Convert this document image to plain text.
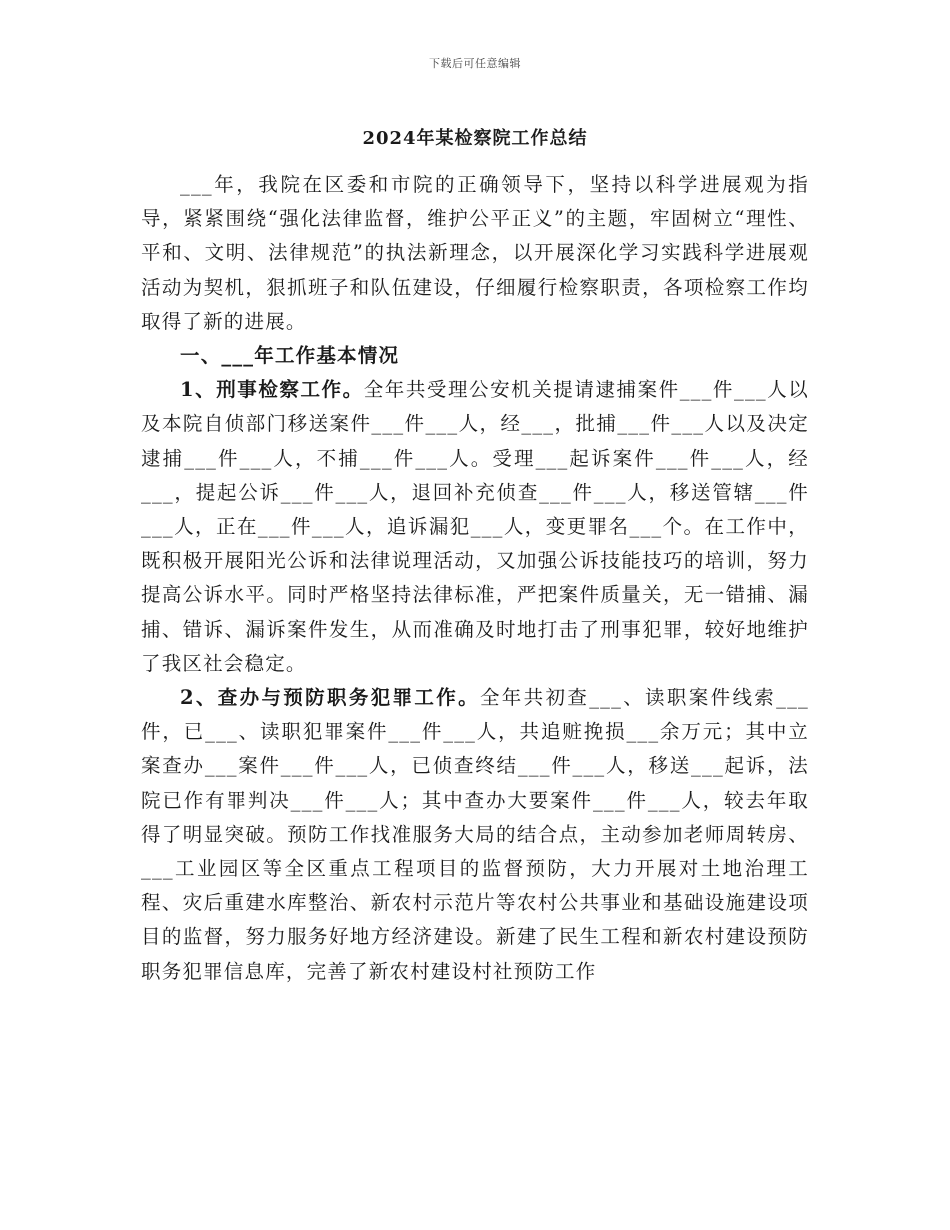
下载后可任意编辑
2024年某检察院工作总结

___年，我院在区委和市院的正确领导下，坚持以科学进展观为指导，紧紧围绕“强化法律监督，维护公平正义”的主题，牢固树立“理性、平和、文明、法律规范”的执法新理念，以开展深化学习实践科学进展观活动为契机，狠抓班子和队伍建设，仔细履行检察职责，各项检察工作均取得了新的进展。

一、___年工作基本情况

1、刑事检察工作。全年共受理公安机关提请逮捕案件___件___人以及本院自侦部门移送案件___件___人，经___，批捕___件___人以及决定逮捕___件___人，不捕___件___人。受理___起诉案件___件___人，经___，提起公诉___件___人，退回补充侦查___件___人，移送管辖___件___人，正在___件___人，追诉漏犯___人，变更罪名___个。在工作中，既积极开展阳光公诉和法律说理活动，又加强公诉技能技巧的培训，努力提高公诉水平。同时严格坚持法律标准，严把案件质量关，无一错捕、漏捕、错诉、漏诉案件发生，从而准确及时地打击了刑事犯罪，较好地维护了我区社会稳定。

2、查办与预防职务犯罪工作。全年共初查___、读职案件线索___件，已___、读职犯罪案件___件___人，共追赃挽损___余万元；其中立案查办___案件___件___人，已侦查终结___件___人，移送___起诉，法院已作有罪判决___件___人；其中查办大要案件___件___人，较去年取得了明显突破。预防工作找准服务大局的结合点，主动参加老师周转房、___工业园区等全区重点工程项目的监督预防，大力开展对土地治理工程、灾后重建水库整治、新农村示范片等农村公共事业和基础设施建设项目的监督，努力服务好地方经济建设。新建了民生工程和新农村建设预防职务犯罪信息库，完善了新农村建设村社预防工作
